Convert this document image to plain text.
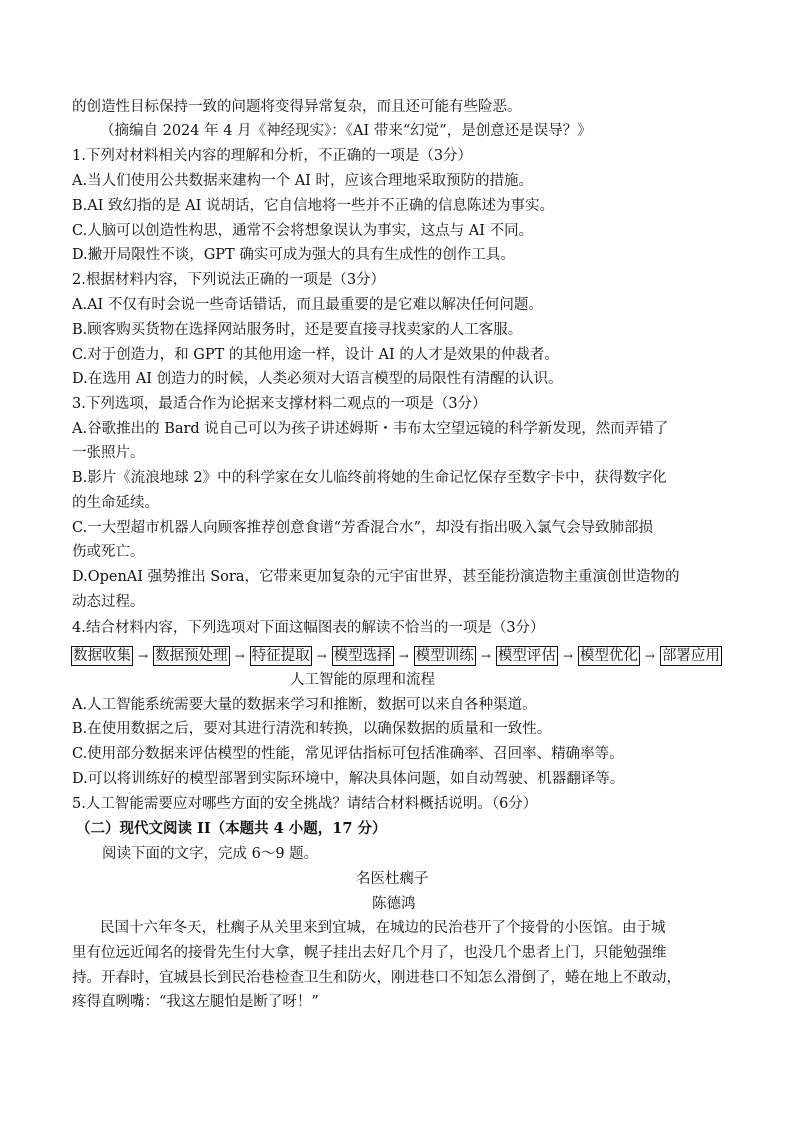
的创造性目标保持一致的问题将变得异常复杂，而且还可能有些险恶。
（摘编自 2024 年 4 月《神经现实》：《AI 带来“幻觉”，是创意还是误导？》
1.下列对材料相关内容的理解和分析，不正确的一项是（3分）
A.当人们使用公共数据来建构一个 AI 时，应该合理地采取预防的措施。
B.AI 致幻指的是 AI 说胡话，它自信地将一些并不正确的信息陈述为事实。
C.人脑可以创造性构思，通常不会将想象误认为事实，这点与 AI 不同。
D.撇开局限性不谈，GPT 确实可成为强大的具有生成性的创作工具。
2.根据材料内容，下列说法正确的一项是（3分）
A.AI 不仅有时会说一些奇话错话，而且最重要的是它难以解决任何问题。
B.顾客购买货物在选择网站服务时，还是要直接寻找卖家的人工客服。
C.对于创造力，和 GPT 的其他用途一样，设计 AI 的人才是效果的仲裁者。
D.在选用 AI 创造力的时候，人类必须对大语言模型的局限性有清醒的认识。
3.下列选项，最适合作为论据来支撑材料二观点的一项是（3分）
A.谷歌推出的 Bard 说自己可以为孩子讲述姆斯・韦布太空望远镜的科学新发现，然而弄错了
一张照片。
B.影片《流浪地球 2》中的科学家在女儿临终前将她的生命记忆保存至数字卡中，获得数字化
的生命延续。
C.一大型超市机器人向顾客推荐创意食谱“芳香混合水”，却没有指出吸入氯气会导致肺部损
伤或死亡。
D.OpenAI 强势推出 Sora，它带来更加复杂的元宇宙世界，甚至能扮演造物主重演创世造物的
动态过程。
4.结合材料内容，下列选项对下面这幅图表的解读不恰当的一项是（3分）
数据收集 → 数据预处理 → 特征提取 → 模型选择 → 模型训练 → 模型评估 → 模型优化 → 部署应用
人工智能的原理和流程
A.人工智能系统需要大量的数据来学习和推断，数据可以来自各种渠道。
B.在使用数据之后，要对其进行清洗和转换，以确保数据的质量和一致性。
C.使用部分数据来评估模型的性能，常见评估指标可包括准确率、召回率、精确率等。
D.可以将训练好的模型部署到实际环境中，解决具体问题，如自动驾驶、机器翻译等。
5.人工智能需要应对哪些方面的安全挑战？请结合材料概括说明。（6分）
（二）现代文阅读 II（本题共 4 小题，17 分）
阅读下面的文字，完成 6～9 题。
名医杜瘸子
陈德鸿
民国十六年冬天，杜瘸子从关里来到宜城，在城边的民治巷开了个接骨的小医馆。由于城
里有位远近闻名的接骨先生付大拿，幌子挂出去好几个月了，也没几个患者上门，只能勉强维
持。开春时，宜城县长到民治巷检查卫生和防火，刚进巷口不知怎么滑倒了，蜷在地上不敢动，
疼得直咧嘴：“我这左腿怕是断了呀！”
